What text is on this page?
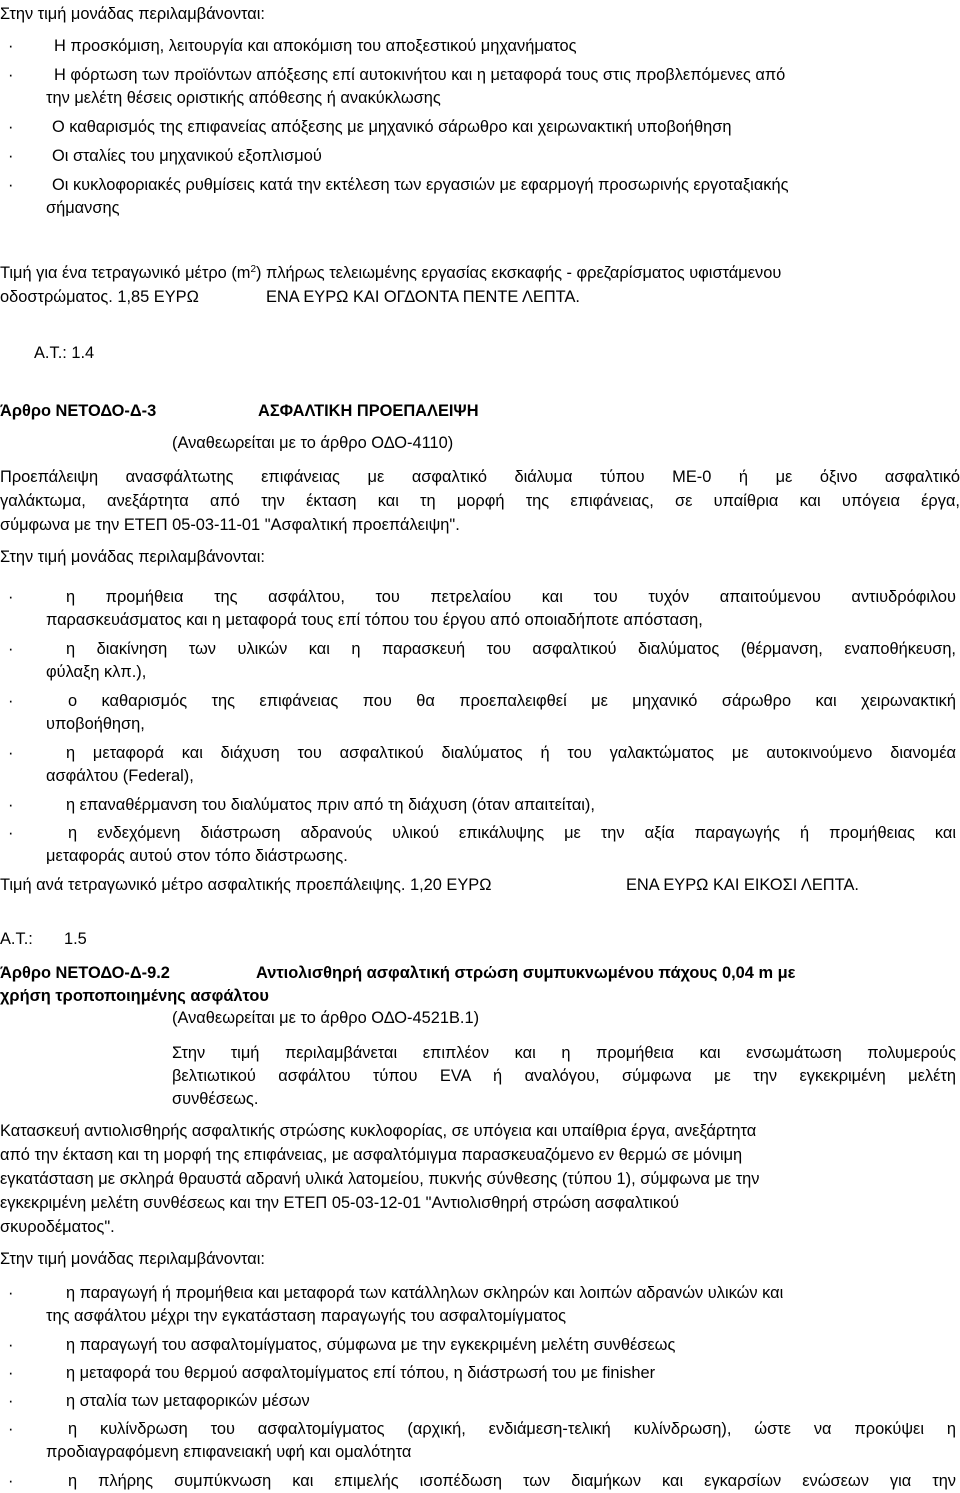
Στην τιμή μονάδας περιλαμβάνονται:
· Η προσκόμιση, λειτουργία και αποκόμιση του αποξεστικού μηχανήματος
· Η φόρτωση των προϊόντων απόξεσης επί αυτοκινήτου και η μεταφορά τους στις προβλεπόμενες από
την μελέτη θέσεις οριστικής απόθεσης ή ανακύκλωσης
· Ο καθαρισμός της επιφανείας απόξεσης με μηχανικό σάρωθρο και χειρωνακτική υποβοήθηση
· Οι σταλίες του μηχανικού εξοπλισμού
· Οι κυκλοφοριακές ρυθμίσεις κατά την εκτέλεση των εργασιών με εφαρμογή προσωρινής εργοταξιακής
σήμανσης
Τιμή για ένα τετραγωνικό μέτρο $(m^2)$ πλήρως τελειωμένης εργασίας εκσκαφής - φρεζαρίσματος υφιστάμενου
οδοστρώματος. 1,85 ΕΥΡΩ	ΕΝΑ ΕΥΡΩ ΚΑΙ ΟΓΔΟΝΤΑ ΠΕΝΤΕ ΛΕΠΤΑ.
Α.Τ.: 1.4
Άρθρο ΝΕΤΟΔΟ-Δ-3	ΑΣΦΑΛΤΙΚΗ ΠΡΟΕΠΑΛΕΙΨΗ
(Αναθεωρείται με το άρθρο ΟΔΟ-4110)
Προεπάλειψη ανασφάλτωτης επιφάνειας με ασφαλτικό διάλυμα τύπου ΜΕ-0 ή με όξινο ασφαλτικό
γαλάκτωμα, ανεξάρτητα από την έκταση και τη μορφή της επιφάνειας, σε υπαίθρια και υπόγεια έργα,
σύμφωνα με την ΕΤΕΠ 05-03-11-01 "Ασφαλτική προεπάλειψη".
Στην τιμή μονάδας περιλαμβάνονται:
·	η προμήθεια της ασφάλτου, του πετρελαίου και του τυχόν απαιτούμενου αντιυδρόφιλου
παρασκευάσματος και η μεταφορά τους επί τόπου του έργου από οποιαδήποτε απόσταση,
·	η διακίνηση των υλικών και η παρασκευή του ασφαλτικού διαλύματος (θέρμανση, εναποθήκευση,
φύλαξη κλπ.),
·	ο καθαρισμός της επιφάνειας που θα προεπαλειφθεί με μηχανικό σάρωθρο και χειρωνακτική
υποβοήθηση,
·	η μεταφορά και διάχυση του ασφαλτικού διαλύματος ή του γαλακτώματος με αυτοκινούμενο διανομέα
ασφάλτου (Federal),
·	η επαναθέρμανση του διαλύματος πριν από τη διάχυση (όταν απαιτείται),
·	η ενδεχόμενη διάστρωση αδρανούς υλικού επικάλυψης με την αξία παραγωγής ή προμήθειας και
μεταφοράς αυτού στον τόπο διάστρωσης.
Τιμή ανά τετραγωνικό μέτρο ασφαλτικής προεπάλειψης. 1,20 ΕΥΡΩ	ΕΝΑ ΕΥΡΩ ΚΑΙ ΕΙΚΟΣΙ ΛΕΠΤΑ.
Α.Τ.: 1.5
Άρθρο ΝΕΤΟΔΟ-Δ-9.2	Αντιολισθηρή ασφαλτική στρώση συμπυκνωμένου πάχους 0,04 m με
χρήση τροποποιημένης ασφάλτου
(Αναθεωρείται με το άρθρο ΟΔΟ-4521Β.1)
Στην τιμή περιλαμβάνεται επιπλέον και η προμήθεια και ενσωμάτωση πολυμερούς
βελτιωτικού ασφάλτου τύπου EVA ή αναλόγου, σύμφωνα με την εγκεκριμένη μελέτη
συνθέσεως.
Κατασκευή αντιολισθηρής ασφαλτικής στρώσης κυκλοφορίας, σε υπόγεια και υπαίθρια έργα, ανεξάρτητα
από την έκταση και τη μορφή της επιφάνειας, με ασφαλτόμιγμα παρασκευαζόμενο εν θερμώ σε μόνιμη
εγκατάσταση με σκληρά θραυστά αδρανή υλικά λατομείου, πυκνής σύνθεσης (τύπου 1), σύμφωνα με την
εγκεκριμένη μελέτη συνθέσεως και την ΕΤΕΠ 05-03-12-01 "Αντιολισθηρή στρώση ασφαλτικού
σκυροδέματος".
Στην τιμή μονάδας περιλαμβάνονται:
·	η παραγωγή ή προμήθεια και μεταφορά των κατάλληλων σκληρών και λοιπών αδρανών υλικών και
της ασφάλτου μέχρι την εγκατάσταση παραγωγής του ασφαλτομίγματος
·	η παραγωγή του ασφαλτομίγματος, σύμφωνα με την εγκεκριμένη μελέτη συνθέσεως
·	η μεταφορά του θερμού ασφαλτομίγματος επί τόπου, η διάστρωσή του με finisher
·	η σταλία των μεταφορικών μέσων
·	η κυλίνδρωση του ασφαλτομίγματος (αρχική, ενδιάμεση-τελική κυλίνδρωση), ώστε να προκύψει η
προδιαγραφόμενη επιφανειακή υφή και ομαλότητα
·	η πλήρης συμπύκνωση και επιμελής ισοπέδωση των διαμήκων και εγκαρσίων ενώσεων για την
